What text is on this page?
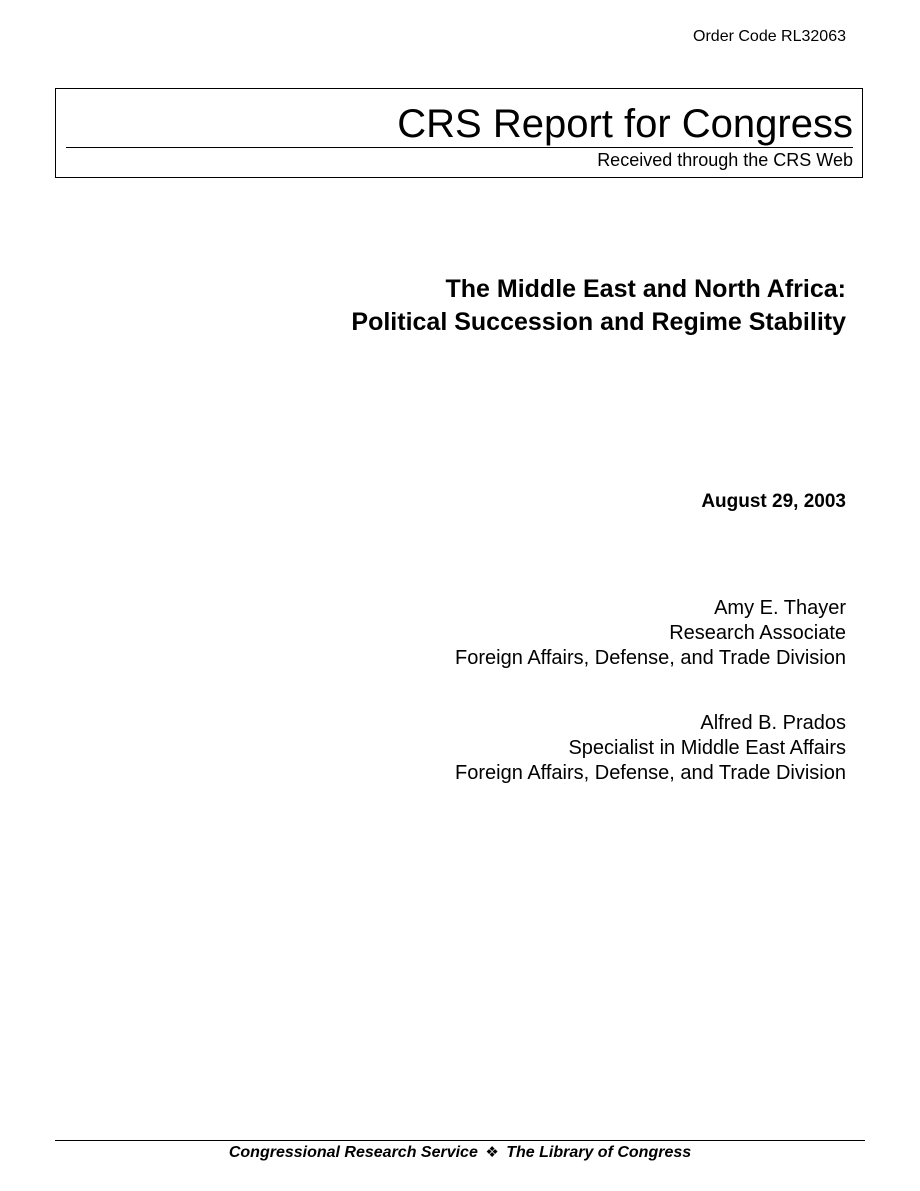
Order Code RL32063
CRS Report for Congress
Received through the CRS Web
The Middle East and North Africa:
Political Succession and Regime Stability
August 29, 2003
Amy E. Thayer
Research Associate
Foreign Affairs, Defense, and Trade Division
Alfred B. Prados
Specialist in Middle East Affairs
Foreign Affairs, Defense, and Trade Division
Congressional Research Service ❖ The Library of Congress
